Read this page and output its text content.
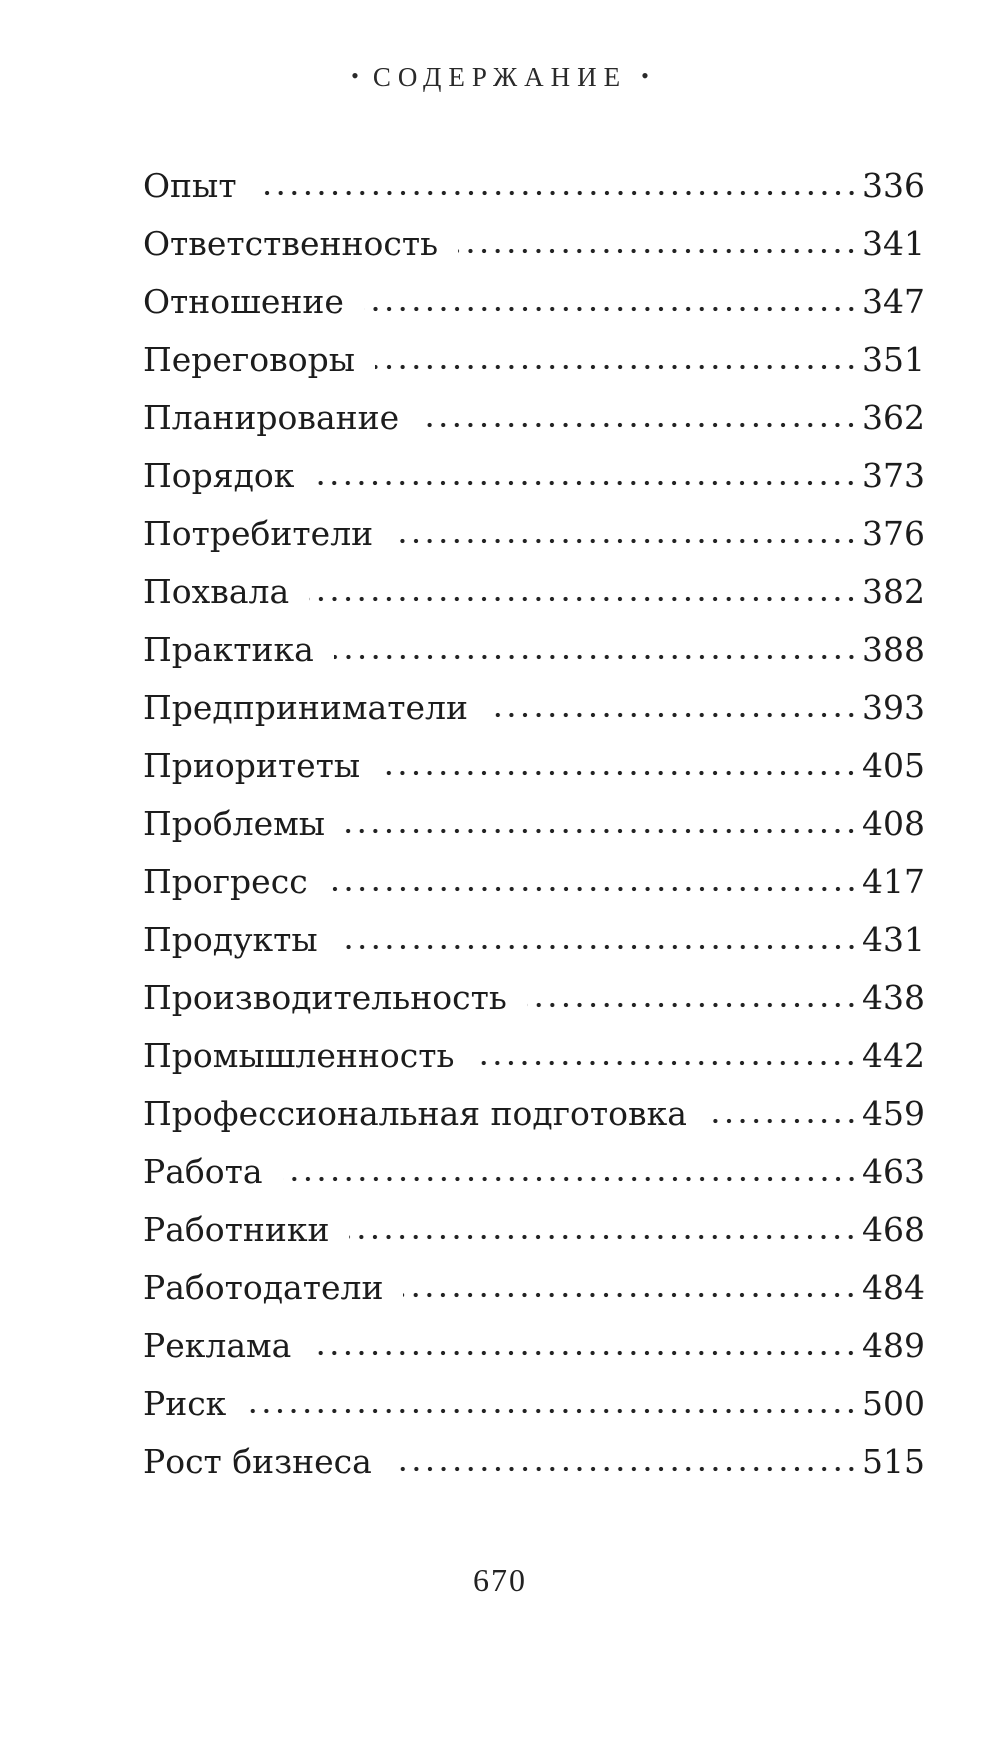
• СОДЕРЖАНИЕ •
Опыт	336
Ответственность	341
Отношение	347
Переговоры	351
Планирование	362
Порядок	373
Потребители	376
Похвала	382
Практика	388
Предприниматели	393
Приоритеты	405
Проблемы	408
Прогресс	417
Продукты	431
Производительность	438
Промышленность	442
Профессиональная подготовка	459
Работа	463
Работники	468
Работодатели	484
Реклама	489
Риск	500
Рост бизнеса	515
670
